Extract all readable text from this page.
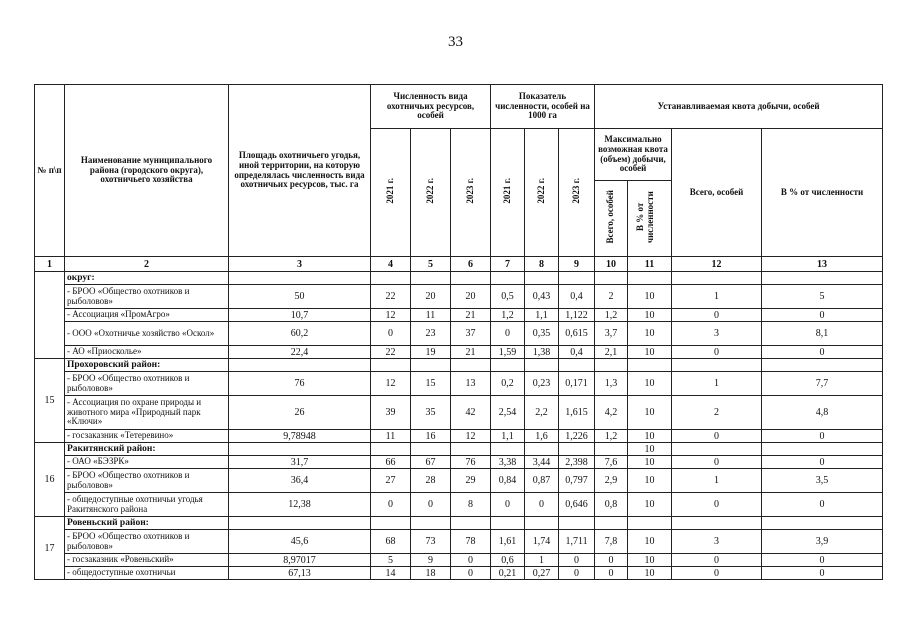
33
№ п\п	Наименование муниципального района (городского округа), охотничьего хозяйства	Площадь охотничьего угодья, иной территории, на которую определялась численность вида охотничьих ресурсов, тыс. га	Численность вида охотничьих ресурсов, особей			Показатель численности, особей на 1000 га			Устанавливаемая квота добычи, особей			
			2021 г.	2022 г.	2023 г.	2021 г.	2022 г.	2023 г.	Максимально возможная квота (объем) добычи, особей		Всего, особей	В % от численности
									Всего, особей	В % от численности		
1	2	3	4	5	6	7	8	9	10	11	12	13
	округ:											
	- БРОО «Общество охотников и рыболовов»	50	22	20	20	0,5	0,43	0,4	2	10	1	5
	- Ассоциация «ПромАгро»	10,7	12	11	21	1,2	1,1	1,122	1,2	10	0	0
	- ООО «Охотничье хозяйство «Оскол»	60,2	0	23	37	0	0,35	0,615	3,7	10	3	8,1
	- АО «Приосколье»	22,4	22	19	21	1,59	1,38	0,4	2,1	10	0	0
15	Прохоровский район:											
	- БРОО «Общество охотников и рыболовов»	76	12	15	13	0,2	0,23	0,171	1,3	10	1	7,7
	- Ассоциация по охране природы и животного мира «Природный парк «Ключи»	26	39	35	42	2,54	2,2	1,615	4,2	10	2	4,8
	- госзаказник «Тетеревино»	9,78948	11	16	12	1,1	1,6	1,226	1,2	10	0	0
16	Ракитянский район:									10		
	- ОАО «БЭЗРК»	31,7	66	67	76	3,38	3,44	2,398	7,6	10	0	0
	- БРОО «Общество охотников и рыболовов»	36,4	27	28	29	0,84	0,87	0,797	2,9	10	1	3,5
	- общедоступные охотничьи угодья Ракитянского района	12,38	0	0	8	0	0	0,646	0,8	10	0	0
17	Ровеньский район:											
	- БРОО «Общество охотников и рыболовов»	45,6	68	73	78	1,61	1,74	1,711	7,8	10	3	3,9
	- госзаказник «Ровеньский»	8,97017	5	9	0	0,6	1	0	0	10	0	0
	- общедоступные охотничьи	67,13	14	18	0	0,21	0,27	0	0	10	0	0
